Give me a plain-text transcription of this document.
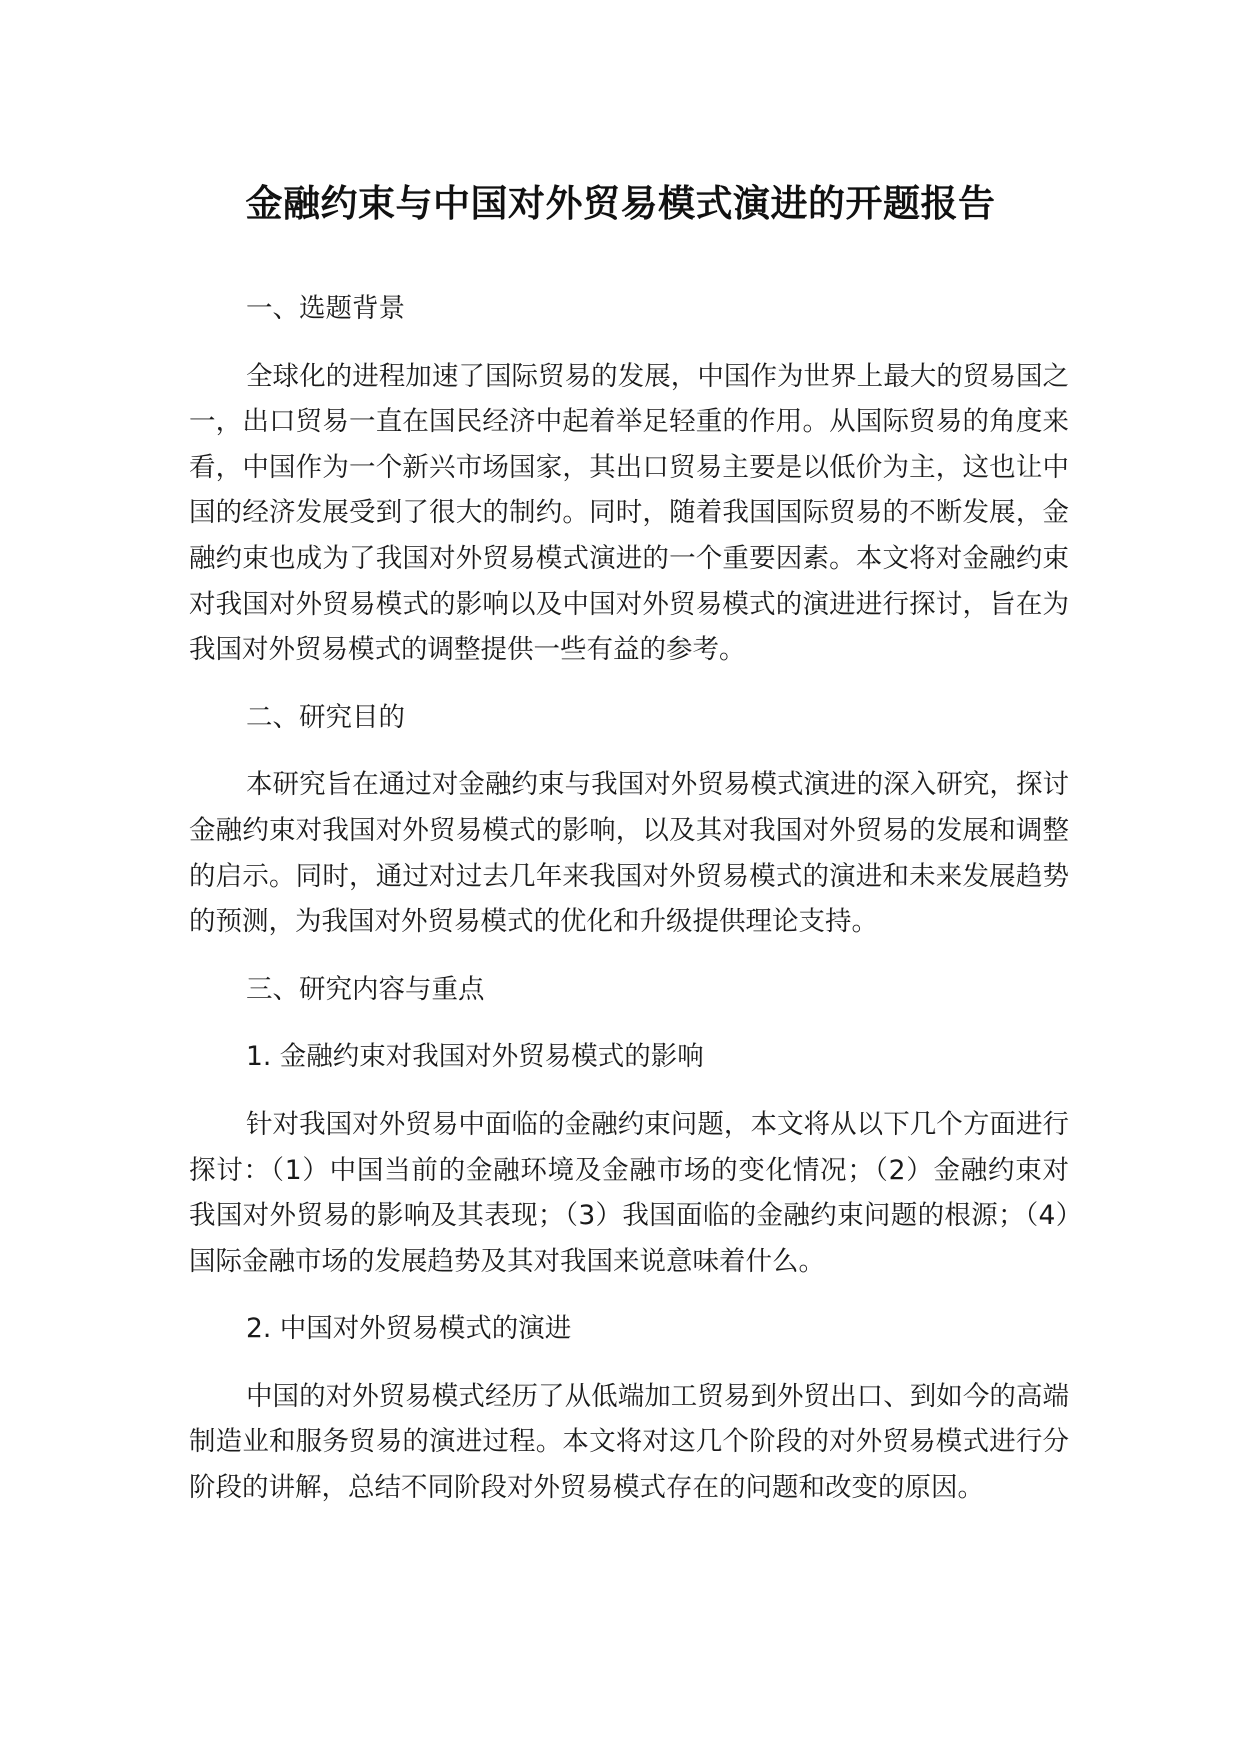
金融约束与中国对外贸易模式演进的开题报告

一、选题背景

全球化的进程加速了国际贸易的发展，中国作为世界上最大的贸易国之一，出口贸易一直在国民经济中起着举足轻重的作用。从国际贸易的角度来看，中国作为一个新兴市场国家，其出口贸易主要是以低价为主，这也让中国的经济发展受到了很大的制约。同时，随着我国国际贸易的不断发展，金融约束也成为了我国对外贸易模式演进的一个重要因素。本文将对金融约束对我国对外贸易模式的影响以及中国对外贸易模式的演进进行探讨，旨在为我国对外贸易模式的调整提供一些有益的参考。

二、研究目的

本研究旨在通过对金融约束与我国对外贸易模式演进的深入研究，探讨金融约束对我国对外贸易模式的影响，以及其对我国对外贸易的发展和调整的启示。同时，通过对过去几年来我国对外贸易模式的演进和未来发展趋势的预测，为我国对外贸易模式的优化和升级提供理论支持。

三、研究内容与重点

1. 金融约束对我国对外贸易模式的影响

针对我国对外贸易中面临的金融约束问题，本文将从以下几个方面进行探讨：（1）中国当前的金融环境及金融市场的变化情况；（2）金融约束对我国对外贸易的影响及其表现；（3）我国面临的金融约束问题的根源；（4）国际金融市场的发展趋势及其对我国来说意味着什么。

2. 中国对外贸易模式的演进

中国的对外贸易模式经历了从低端加工贸易到外贸出口、到如今的高端制造业和服务贸易的演进过程。本文将对这几个阶段的对外贸易模式进行分阶段的讲解，总结不同阶段对外贸易模式存在的问题和改变的原因。
